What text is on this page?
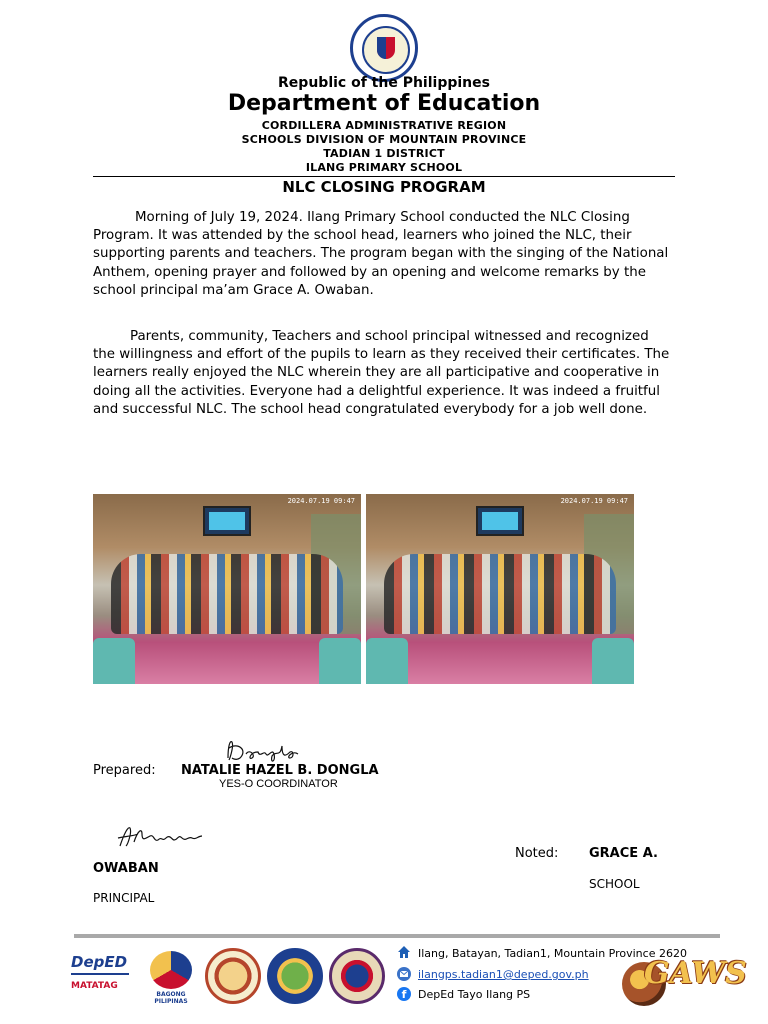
Republic of the Philippines
Department of Education
CORDILLERA ADMINISTRATIVE REGION
SCHOOLS DIVISION OF MOUNTAIN PROVINCE
TADIAN 1 DISTRICT
ILANG PRIMARY SCHOOL
NLC CLOSING PROGRAM
Morning of July 19, 2024. Ilang Primary School conducted the NLC Closing Program. It was attended by the school head, learners who joined the NLC, their supporting parents and teachers. The program began with the singing of the National Anthem, opening prayer and followed by an opening and welcome remarks by the school principal ma’am Grace A. Owaban.
Parents, community, Teachers and school principal witnessed and recognized the willingness and effort of the pupils to learn as they received their certificates. The learners really enjoyed the NLC wherein they are all participative and cooperative in doing all the activities. Everyone had a delightful experience. It was indeed a fruitful and successful NLC. The school head congratulated everybody for a job well done.
2024.07.19 09:47	2024.07.19 09:47
Prepared: NATALIE HAZEL B. DONGLA
YES-O COORDINATOR
Noted: GRACE A.
OWABAN
SCHOOL
PRINCIPAL
DepED
MATATAG
BAGONG PILIPINAS
Ilang, Batayan, Tadian1, Mountain Province 2620
ilangps.tadian1@deped.gov.ph
f	DepEd Tayo Ilang PS
GAWS
